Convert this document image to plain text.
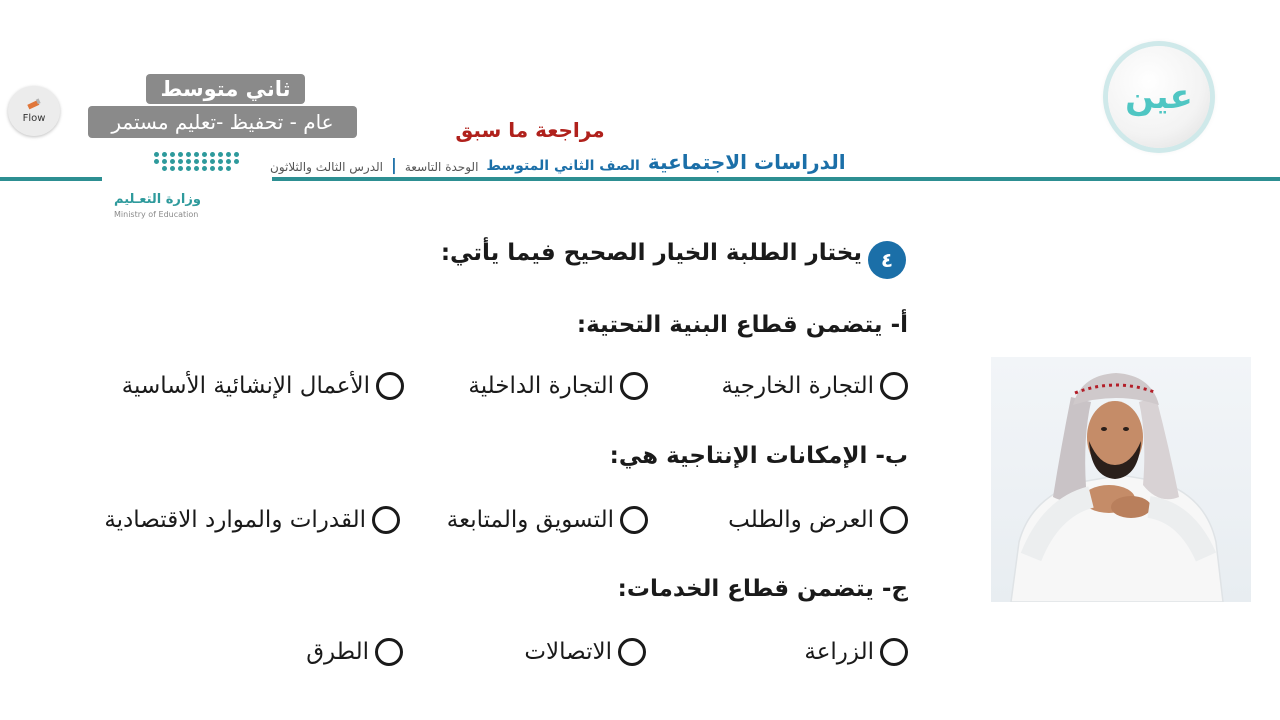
Flow
ثاني متوسط
عام - تحفيظ -تعليم مستمر
عين
مراجعة ما سبق
الدراسات الاجتماعية
الصف الثاني المتوسط
الوحدة التاسعة
|
الدرس الثالث والثلاثون
وزارة التعـليم
Ministry of Education
٤
يختار الطلبة الخيار الصحيح فيما يأتي:
أ- يتضمن قطاع البنية التحتية:
التجارة الخارجية
التجارة الداخلية
الأعمال الإنشائية الأساسية
ب- الإمكانات الإنتاجية هي:
العرض والطلب
التسويق والمتابعة
القدرات والموارد الاقتصادية
ج- يتضمن قطاع الخدمات:
الزراعة
الاتصالات
الطرق
